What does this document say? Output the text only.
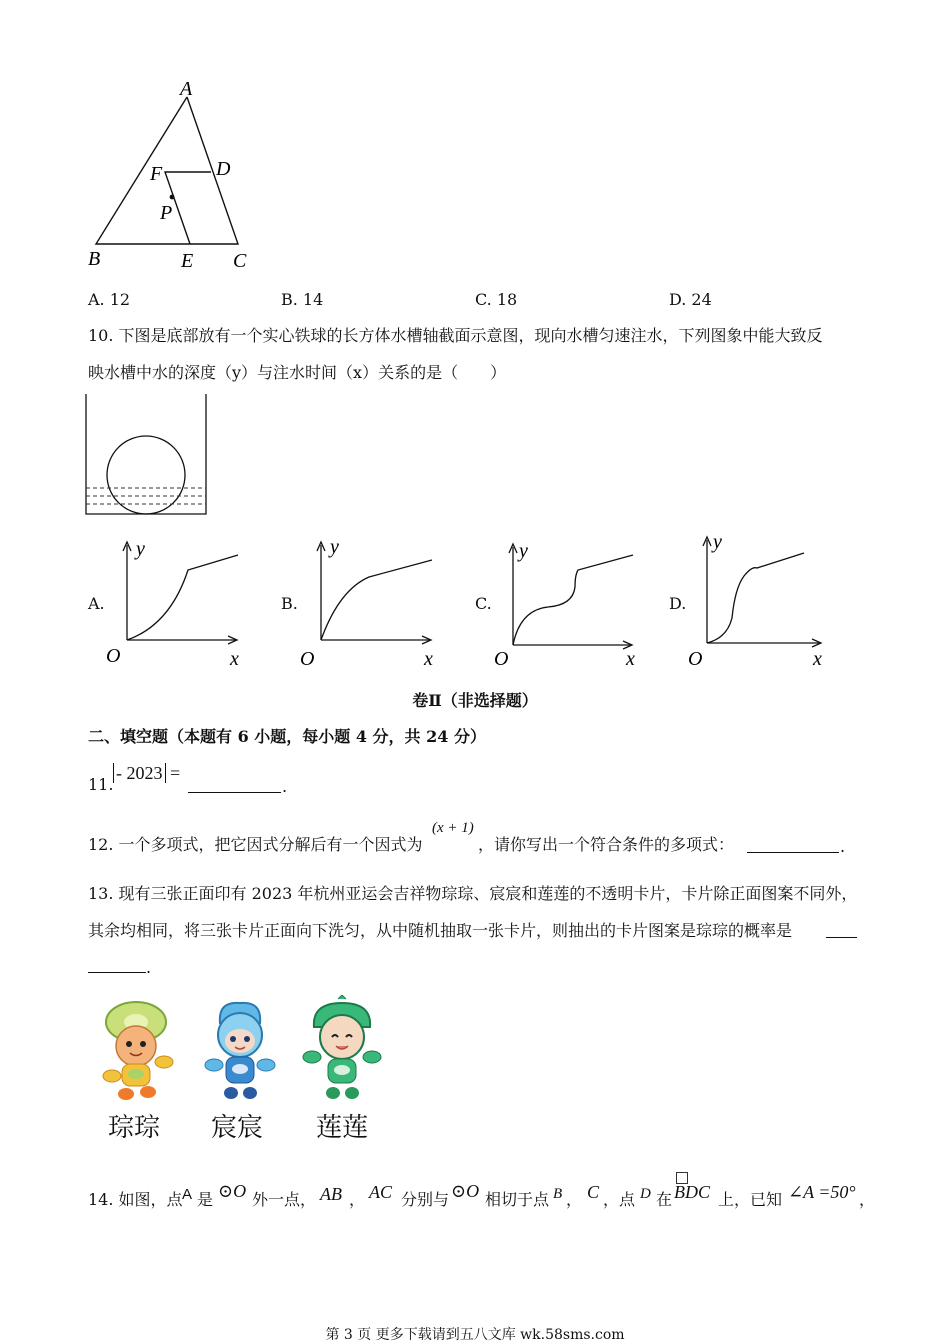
A
F	D
P
B	E C
A. 12	B. 14	C. 18	D. 24
10. 下图是底部放有一个实心铁球的长方体水槽轴截面示意图，现向水槽匀速注水，下列图象中能大致反
映水槽中水的深度（y）与注水时间（x）关系的是（　　）
A.	B.	C.	D.
y
O	x
y
O	x
y
O	x
y
O	x
卷Ⅱ（非选择题）
二、填空题（本题有 6 小题，每小题 4 分，共 24 分）
11.
- 2023 =
.
12. 一个多项式，把它因式分解后有一个因式为
(x + 1)
，请你写出一个符合条件的多项式：	.
13. 现有三张正面印有 2023 年杭州亚运会吉祥物琮琮、宸宸和莲莲的不透明卡片，卡片除正面图案不同外，
其余均相同，将三张卡片正面向下洗匀，从中随机抽取一张卡片，则抽出的卡片图案是琮琮的概率是
.
琮琮 宸宸 莲莲
14. 如图，点 A 是 ⊙O 外一点， AB ， AC 分别与 ⊙O 相切于点 B ， C ，点 D 在 BDC 上，已知 ∠A =50° ，
第 3 页 更多下载请到五八文库 wk.58sms.com
